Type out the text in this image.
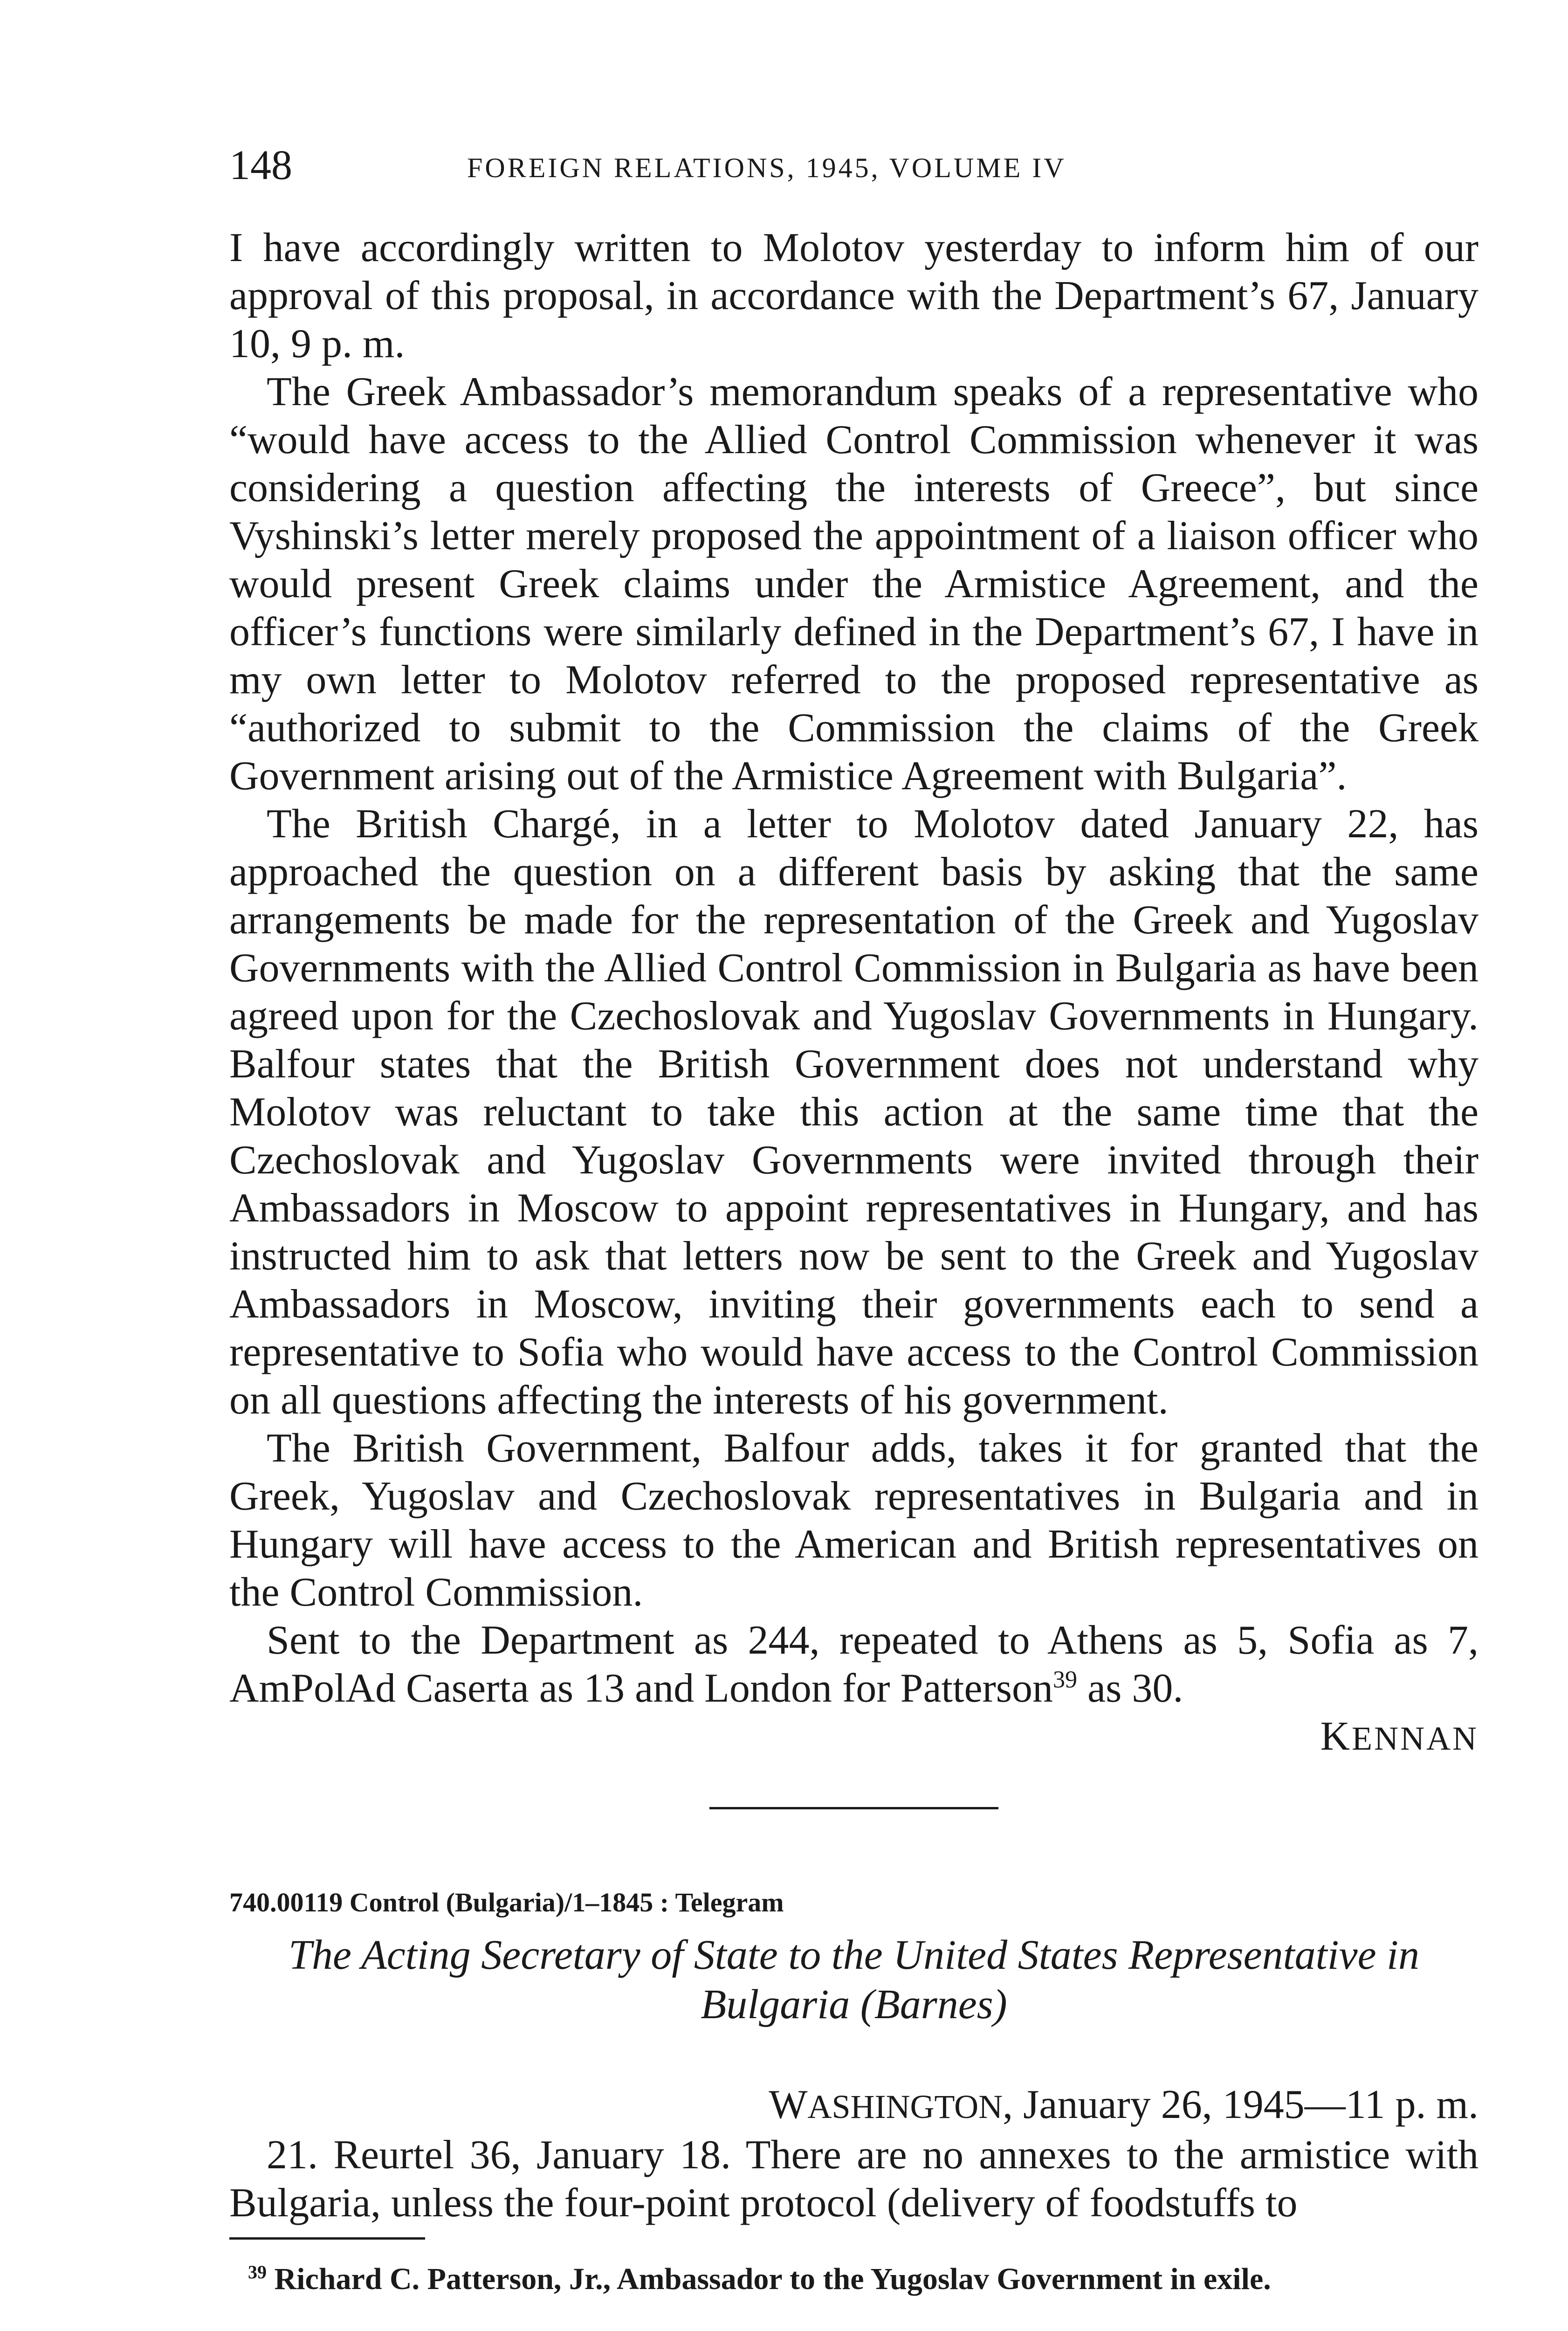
148	FOREIGN RELATIONS, 1945, VOLUME IV

I have accordingly written to Molotov yesterday to inform him of our approval of this proposal, in accordance with the Department’s 67, January 10, 9 p. m.

The Greek Ambassador’s memorandum speaks of a representative who “would have access to the Allied Control Commission whenever it was considering a question affecting the interests of Greece”, but since Vyshinski’s letter merely proposed the appointment of a liaison officer who would present Greek claims under the Armistice Agreement, and the officer’s functions were similarly defined in the Department’s 67, I have in my own letter to Molotov referred to the proposed representative as “authorized to submit to the Commission the claims of the Greek Government arising out of the Armistice Agreement with Bulgaria”.

The British Chargé, in a letter to Molotov dated January 22, has approached the question on a different basis by asking that the same arrangements be made for the representation of the Greek and Yugoslav Governments with the Allied Control Commission in Bulgaria as have been agreed upon for the Czechoslovak and Yugoslav Governments in Hungary. Balfour states that the British Government does not understand why Molotov was reluctant to take this action at the same time that the Czechoslovak and Yugoslav Governments were invited through their Ambassadors in Moscow to appoint representatives in Hungary, and has instructed him to ask that letters now be sent to the Greek and Yugoslav Ambassadors in Moscow, inviting their governments each to send a representative to Sofia who would have access to the Control Commission on all questions affecting the interests of his government.

The British Government, Balfour adds, takes it for granted that the Greek, Yugoslav and Czechoslovak representatives in Bulgaria and in Hungary will have access to the American and British representatives on the Control Commission.

Sent to the Department as 244, repeated to Athens as 5, Sofia as 7, AmPolAd Caserta as 13 and London for Patterson$^{39}$ as 30.

KENNAN

740.00119 Control (Bulgaria)/1–1845 : Telegram

The Acting Secretary of State to the United States Representative in Bulgaria (Barnes)

WASHINGTON, January 26, 1945—11 p. m.

21. Reurtel 36, January 18. There are no annexes to the armistice with Bulgaria, unless the four-point protocol (delivery of foodstuffs to

$^{39}$ Richard C. Patterson, Jr., Ambassador to the Yugoslav Government in exile.
